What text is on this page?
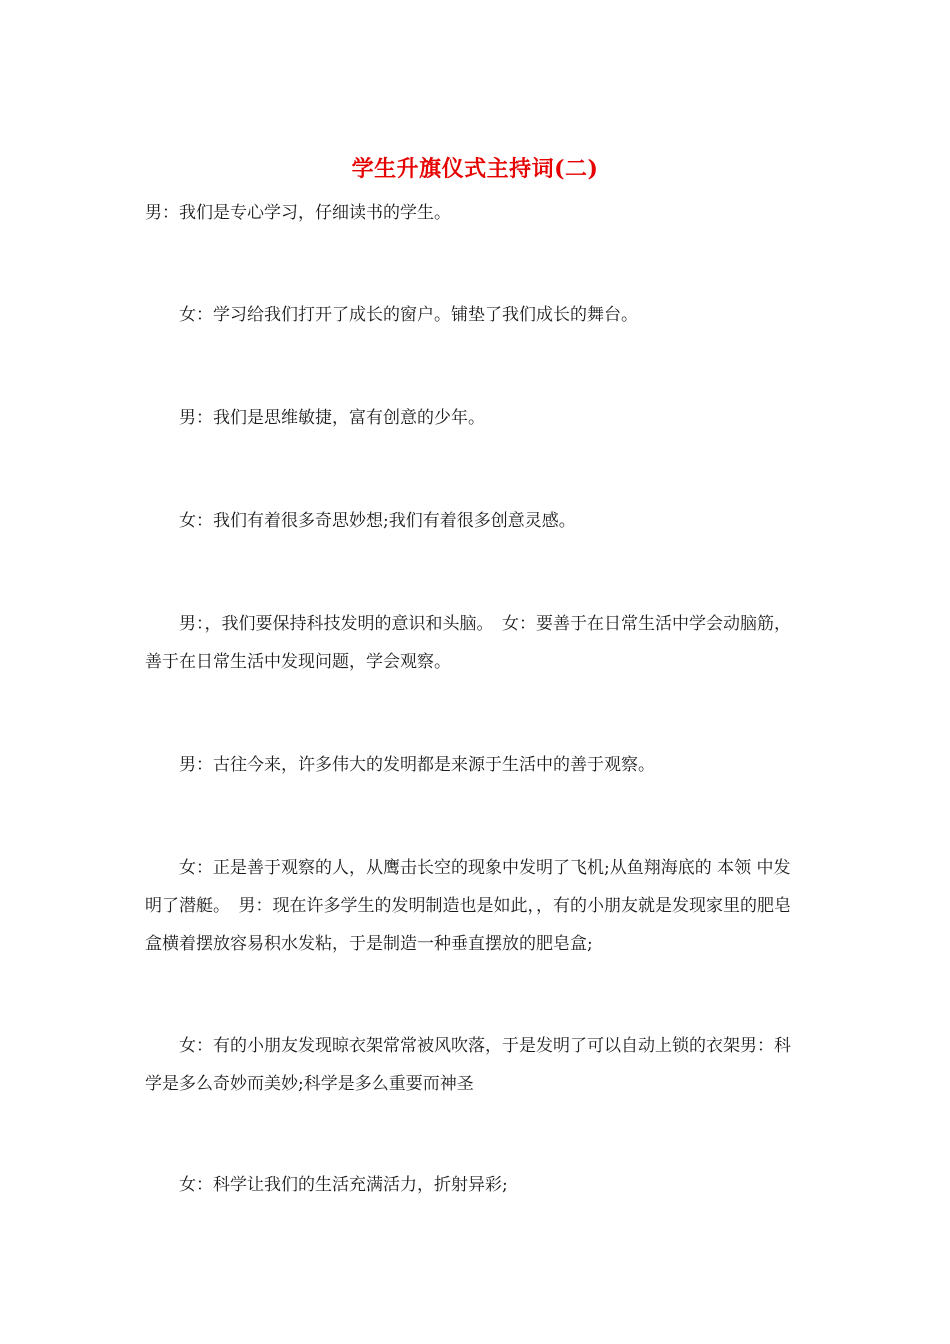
学生升旗仪式主持词(二)

男：我们是专心学习，仔细读书的学生。

女：学习给我们打开了成长的窗户。铺垫了我们成长的舞台。

男：我们是思维敏捷，富有创意的少年。

女：我们有着很多奇思妙想;我们有着很多创意灵感。

男：，我们要保持科技发明的意识和头脑。　女：要善于在日常生活中学会动脑筋，善于在日常生活中发现问题，学会观察。

男：古往今来，许多伟大的发明都是来源于生活中的善于观察。

女：正是善于观察的人，从鹰击长空的现象中发明了飞机;从鱼翔海底的 本领 中发明了潜艇。　男：现在许多学生的发明制造也是如此，，有的小朋友就是发现家里的肥皂盒横着摆放容易积水发粘，于是制造一种垂直摆放的肥皂盒;

女：有的小朋友发现晾衣架常常被风吹落，于是发明了可以自动上锁的衣架男：科学是多么奇妙而美妙;科学是多么重要而神圣

女：科学让我们的生活充满活力，折射异彩;
